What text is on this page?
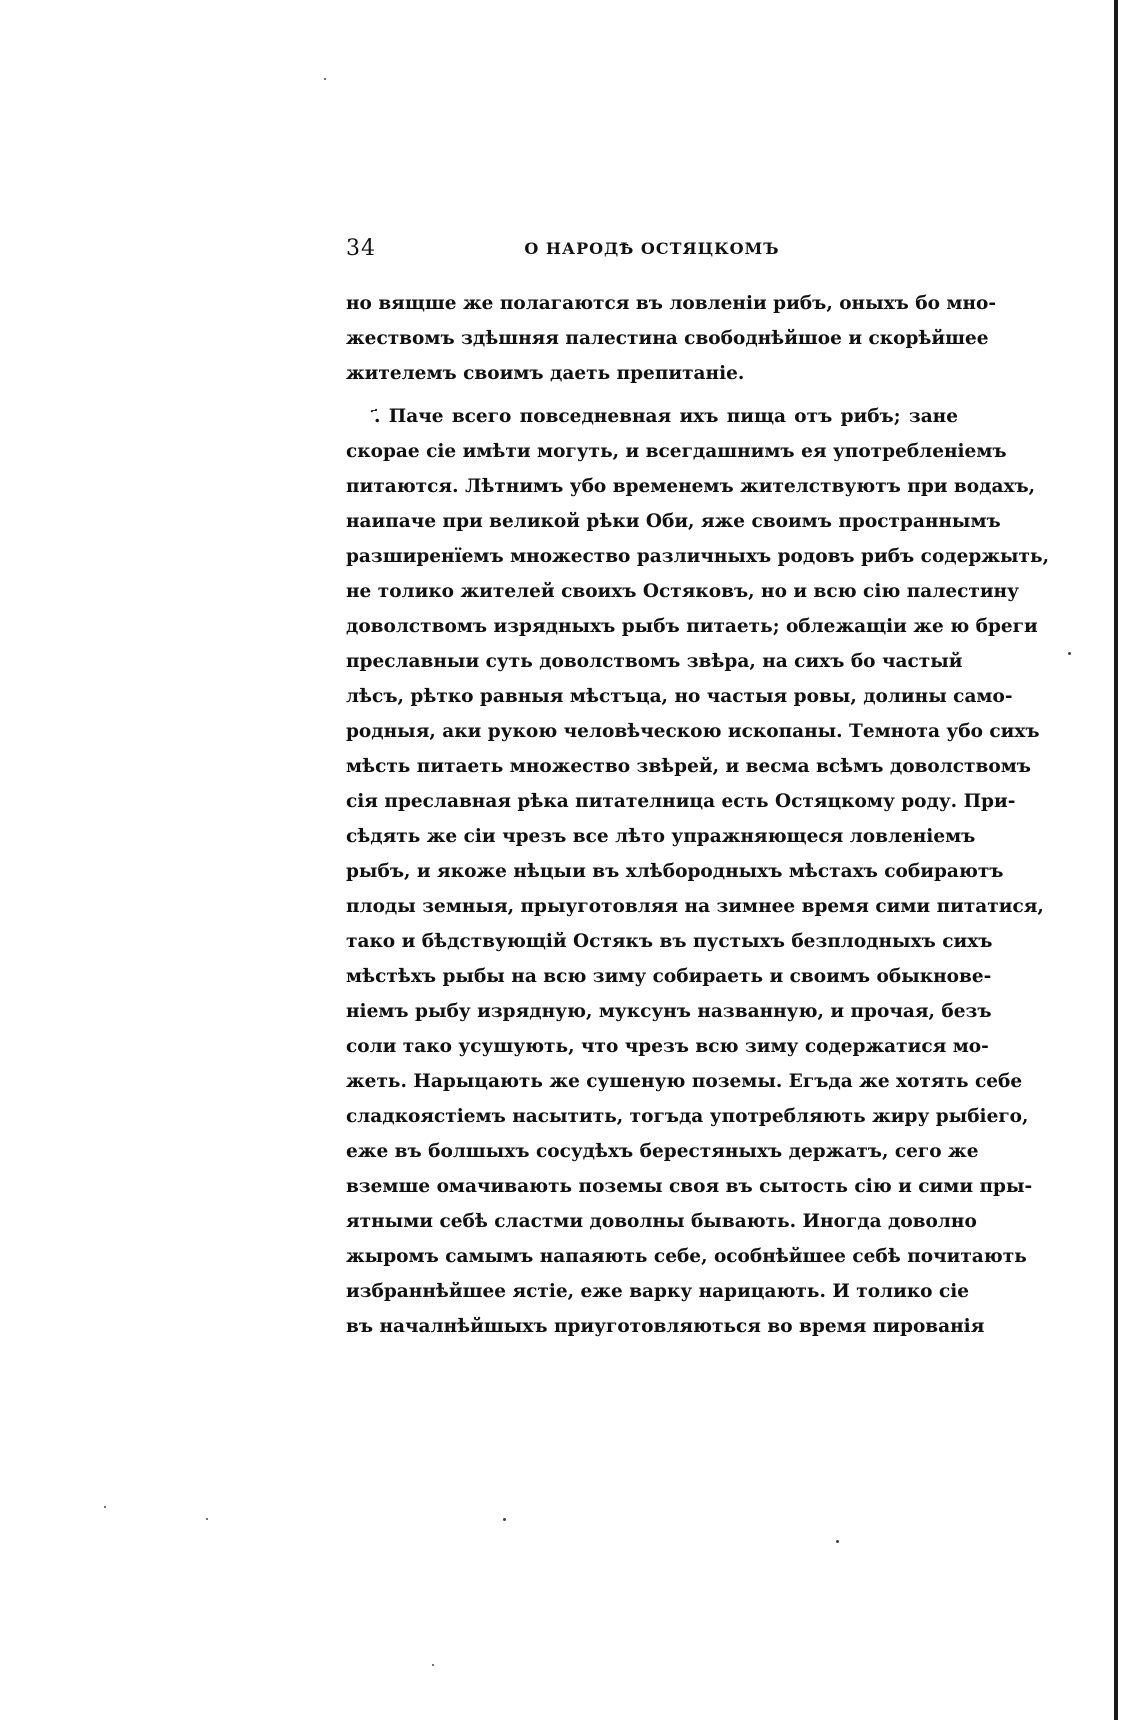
34	О НАРОДѢ ОСТЯЦКОМЪ
но вящше же полагаются въ ловленіи рибъ, оныхъ бо мно-
жествомъ здѣшняя палестина свободнѣйшое и скорѣйшее
жителемъ своимъ даеть препитаніе.
҃. Паче всего повседневная ихъ пища отъ рибъ; зане
скорае сіе имѣти могуть, и всегдашнимъ ея употребленіемъ
питаются. Лѣтнимъ убо временемъ жителствуютъ при водахъ,
наипаче при великой рѣки Оби, яже своимъ пространнымъ
разширенїемъ множество различныхъ родовъ рибъ содержыть,
не толико жителей своихъ Остяковъ, но и всю сію палестину
доволствомъ изрядныхъ рыбъ питаеть; облежащіи же ю бреги
преславныи суть доволствомъ звѣра, на сихъ бо частый
лѣсъ, рѣтко равныя мѣстъца, но частыя ровы, долины само-
родныя, аки рукою человѣческою ископаны. Темнота убо сихъ
мѣсть питаеть множество звѣрей, и весма всѣмъ доволствомъ
сія преславная рѣка питателница есть Остяцкому роду. При-
сѣдять же сіи чрезъ все лѣто упражняющеся ловленіемъ
рыбъ, и якоже нѣцыи въ хлѣбородныхъ мѣстахъ собираютъ
плоды земныя, прыуготовляя на зимнее время сими питатися,
тако и бѣдствующій Остякъ въ пустыхъ безплодныхъ сихъ
мѣстѣхъ рыбы на всю зиму собираеть и своимъ обыкнове-
ніемъ рыбу изрядную, муксунъ названную, и прочая, безъ
соли тако усушують, что чрезъ всю зиму содержатися мо-
жеть. Нарыцають же сушеную поземы. Егъда же хотять себе
сладкоястіемъ насытить, тогъда употребляють жиру рыбіего,
еже въ болшыхъ сосудѣхъ берестяныхъ держатъ, сего же
вземше омачивають поземы своя въ сытость сію и сими пры-
ятными себѣ сластми доволны бывають. Иногда доволно
жыромъ самымъ напаяють себе, особнѣйшее себѣ почитають
избраннѣйшее ястіе, еже варку нарицають. И толико сіе
въ началнѣйшыхъ приуготовляються во время пированія
